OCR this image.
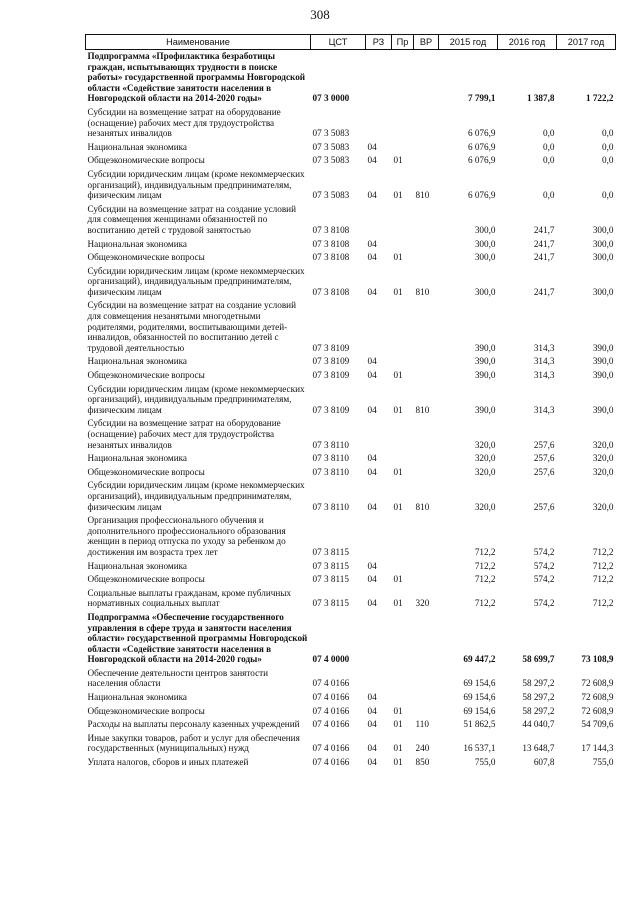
308
Наименование	ЦСТ	РЗ	Пр	ВР	2015 год	2016 год	2017 год
Подпрограмма «Профилактика безработицы граждан, испытывающих трудности в поиске работы» государственной программы Новгородской области «Содействие занятости населения в Новгородской области на 2014-2020 годы»	07 3 0000				7 799,1	1 387,8	1 722,2
Субсидии на возмещение затрат на оборудование (оснащение) рабочих мест для трудоустройства незанятых инвалидов	07 3 5083				6 076,9	0,0	0,0
Национальная экономика	07 3 5083	04			6 076,9	0,0	0,0
Общеэкономические вопросы	07 3 5083	04	01		6 076,9	0,0	0,0
Субсидии юридическим лицам (кроме некоммерческих организаций), индивидуальным предпринимателям, физическим лицам	07 3 5083	04	01	810	6 076,9	0,0	0,0
Субсидии на возмещение затрат на создание условий для совмещения женщинами обязанностей по воспитанию детей с трудовой занятостью	07 3 8108				300,0	241,7	300,0
Национальная экономика	07 3 8108	04			300,0	241,7	300,0
Общеэкономические вопросы	07 3 8108	04	01		300,0	241,7	300,0
Субсидии юридическим лицам (кроме некоммерческих организаций), индивидуальным предпринимателям, физическим лицам	07 3 8108	04	01	810	300,0	241,7	300,0
Субсидии на возмещение затрат на создание условий для совмещения незанятыми многодетными родителями, родителями, воспитывающими детей-инвалидов, обязанностей по воспитанию детей с трудовой деятельностью	07 3 8109				390,0	314,3	390,0
Национальная экономика	07 3 8109	04			390,0	314,3	390,0
Общеэкономические вопросы	07 3 8109	04	01		390,0	314,3	390,0
Субсидии юридическим лицам (кроме некоммерческих организаций), индивидуальным предпринимателям, физическим лицам	07 3 8109	04	01	810	390,0	314,3	390,0
Субсидии на возмещение затрат на оборудование (оснащение) рабочих мест для трудоустройства незанятых инвалидов	07 3 8110				320,0	257,6	320,0
Национальная экономика	07 3 8110	04			320,0	257,6	320,0
Общеэкономические вопросы	07 3 8110	04	01		320,0	257,6	320,0
Субсидии юридическим лицам (кроме некоммерческих организаций), индивидуальным предпринимателям, физическим лицам	07 3 8110	04	01	810	320,0	257,6	320,0
Организация профессионального обучения и дополнительного профессионального образования женщин в период отпуска по уходу за ребенком до достижения им возраста трех лет	07 3 8115				712,2	574,2	712,2
Национальная экономика	07 3 8115	04			712,2	574,2	712,2
Общеэкономические вопросы	07 3 8115	04	01		712,2	574,2	712,2
Социальные выплаты гражданам, кроме публичных нормативных социальных выплат	07 3 8115	04	01	320	712,2	574,2	712,2
Подпрограмма «Обеспечение государственного управления в сфере труда и занятости населения области» государственной программы Новгородской области «Содействие занятости населения в Новгородской области на 2014-2020 годы»	07 4 0000				69 447,2	58 699,7	73 108,9
Обеспечение деятельности центров занятости населения области	07 4 0166				69 154,6	58 297,2	72 608,9
Национальная экономика	07 4 0166	04			69 154,6	58 297,2	72 608,9
Общеэкономические вопросы	07 4 0166	04	01		69 154,6	58 297,2	72 608,9
Расходы на выплаты персоналу казенных учреждений	07 4 0166	04	01	110	51 862,5	44 040,7	54 709,6
Иные закупки товаров, работ и услуг для обеспечения государственных (муниципальных) нужд	07 4 0166	04	01	240	16 537,1	13 648,7	17 144,3
Уплата налогов, сборов и иных платежей	07 4 0166	04	01	850	755,0	607,8	755,0
